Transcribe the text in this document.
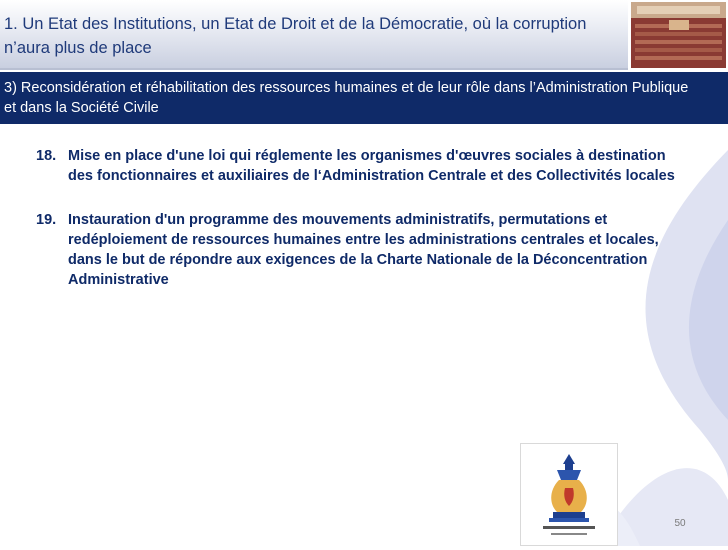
1. Un Etat des Institutions, un Etat de Droit et de la Démocratie, où la corruption n’aura plus de place
3) Reconsidération et réhabilitation des ressources humaines et de leur rôle dans l’Administration Publique et dans la Société Civile
18. Mise en place d'une loi qui réglemente les organismes d'œuvres sociales à destination des fonctionnaires et auxiliaires de l‘Administration Centrale et des Collectivités locales
19. Instauration d'un programme des mouvements administratifs, permutations et redéploiement de ressources humaines entre les administrations centrales et locales, dans le but de répondre aux exigences de la Charte Nationale de la Déconcentration Administrative
50
